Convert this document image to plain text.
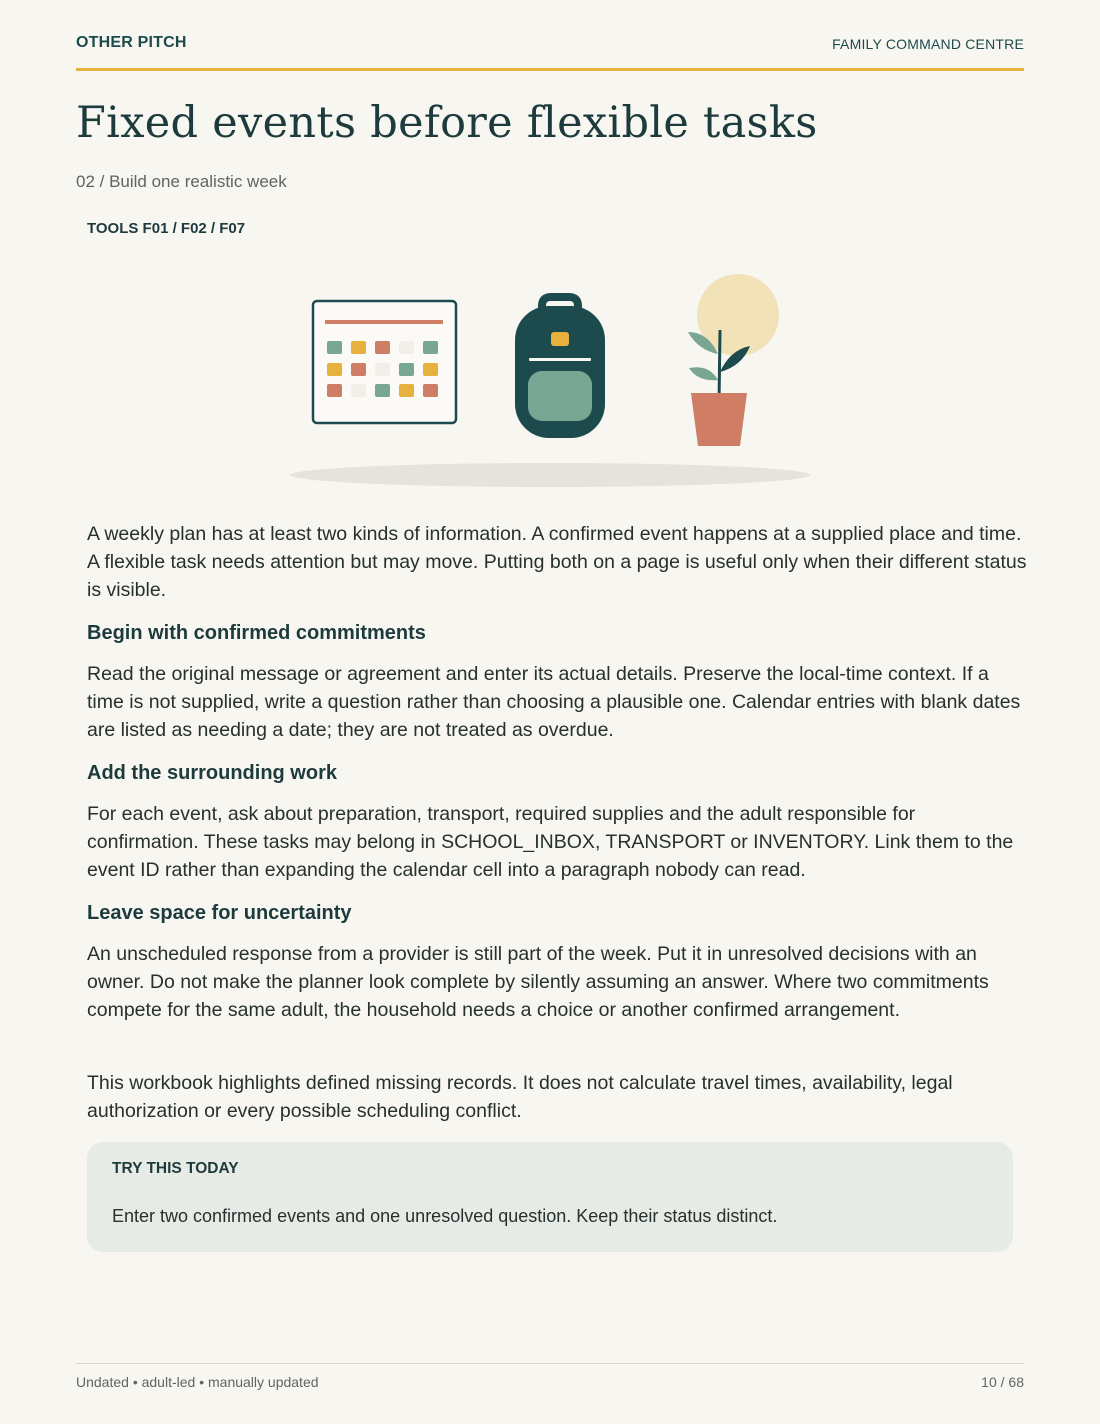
OTHER PITCH	FAMILY COMMAND CENTRE
Fixed events before flexible tasks
02 / Build one realistic week
TOOLS F01 / F02 / F07

A weekly plan has at least two kinds of information. A confirmed event happens at a supplied place and time. A flexible task needs attention but may move. Putting both on a page is useful only when their different status is visible.

Begin with confirmed commitments

Read the original message or agreement and enter its actual details. Preserve the local-time context. If a time is not supplied, write a question rather than choosing a plausible one. Calendar entries with blank dates are listed as needing a date; they are not treated as overdue.

Add the surrounding work

For each event, ask about preparation, transport, required supplies and the adult responsible for confirmation. These tasks may belong in SCHOOL_INBOX, TRANSPORT or INVENTORY. Link them to the event ID rather than expanding the calendar cell into a paragraph nobody can read.

Leave space for uncertainty

An unscheduled response from a provider is still part of the week. Put it in unresolved decisions with an owner. Do not make the planner look complete by silently assuming an answer. Where two commitments compete for the same adult, the household needs a choice or another confirmed arrangement.

This workbook highlights defined missing records. It does not calculate travel times, availability, legal authorization or every possible scheduling conflict.

TRY THIS TODAY
Enter two confirmed events and one unresolved question. Keep their status distinct.
Undated • adult-led • manually updated	10 / 68
